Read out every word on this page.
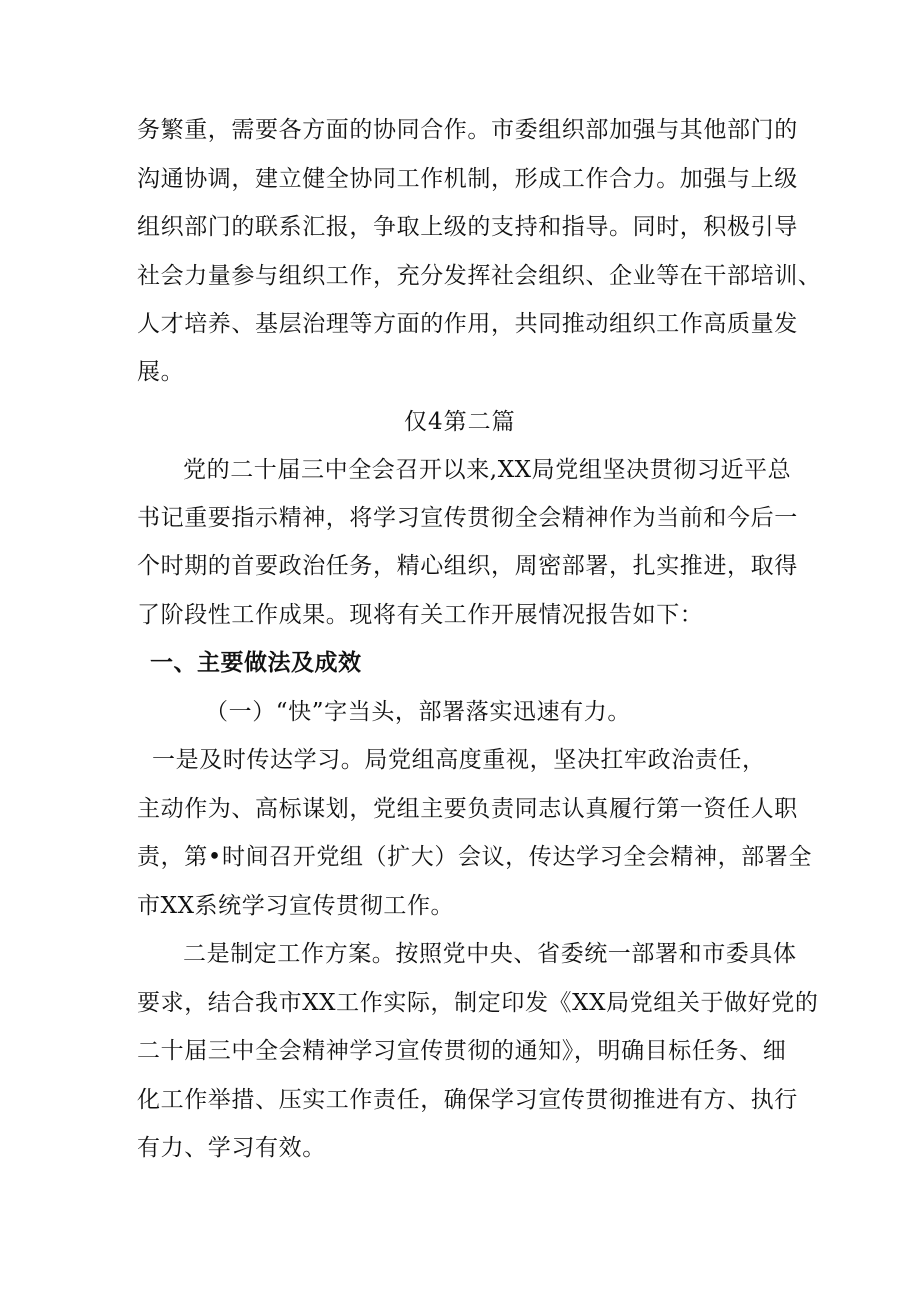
务繁重，需要各方面的协同合作。市委组织部加强与其他部门的
沟通协调，建立健全协同工作机制，形成工作合力。加强与上级
组织部门的联系汇报，争取上级的支持和指导。同时，积极引导
社会力量参与组织工作，充分发挥社会组织、企业等在干部培训、
人才培养、基层治理等方面的作用，共同推动组织工作高质量发
展。
仅4第二篇
党的二十届三中全会召开以来,XX局党组坚决贯彻习近平总
书记重要指示精神，将学习宣传贯彻全会精神作为当前和今后一
个时期的首要政治任务，精心组织，周密部署，扎实推进，取得
了阶段性工作成果。现将有关工作开展情况报告如下：
一、主要做法及成效
（一）“快”字当头，部署落实迅速有力。
一是及时传达学习。局党组高度重视，坚决扛牢政治责任，
主动作为、高标谋划，党组主要负责同志认真履行第一资任人职
责，第•时间召开党组（扩大）会议，传达学习全会精神，部署全
市XX系统学习宣传贯彻工作。
二是制定工作方案。按照党中央、省委统一部署和市委具体
要求，结合我市XX工作实际，制定印发《XX局党组关于做好党的
二十届三中全会精神学习宣传贯彻的通知》，明确目标任务、细
化工作举措、压实工作责任，确保学习宣传贯彻推进有方、执行
有力、学习有效。
